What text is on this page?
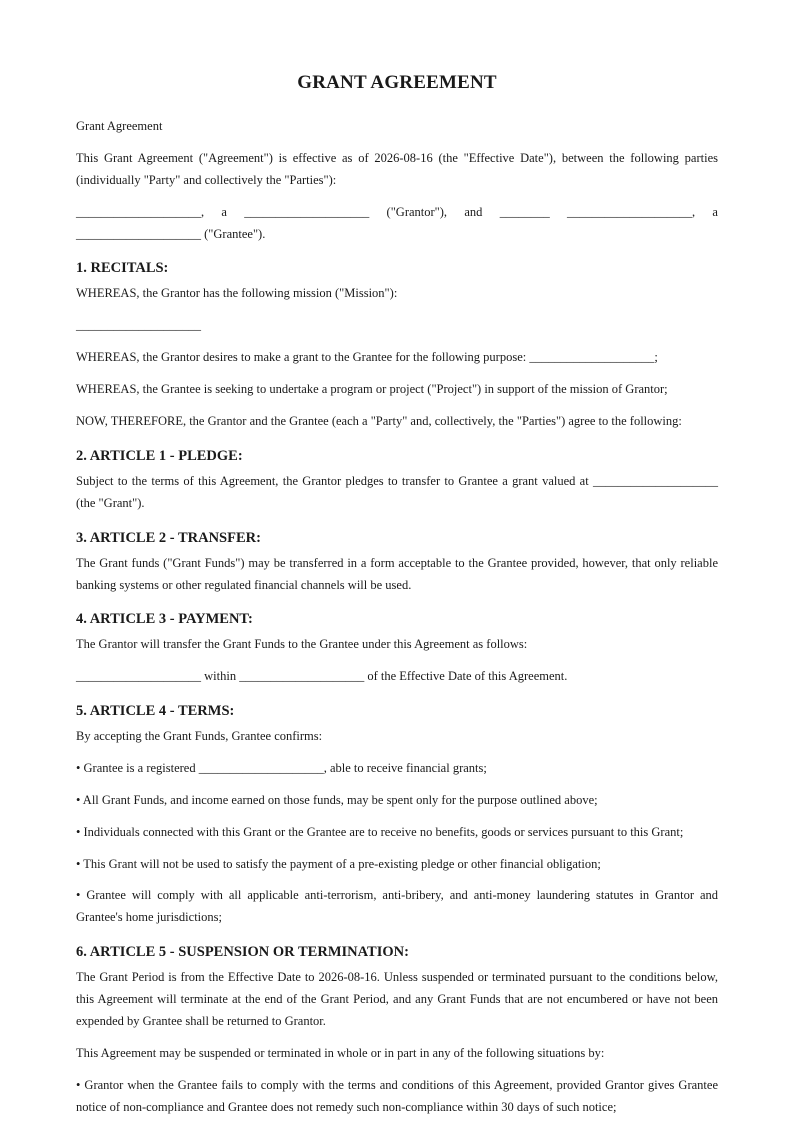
GRANT AGREEMENT

Grant Agreement

This Grant Agreement ("Agreement") is effective as of 2026-08-16 (the "Effective Date"), between the following parties (individually "Party" and collectively the "Parties"):

____________________, a ____________________ ("Grantor"), and ________ ____________________, a

____________________ ("Grantee").

1. RECITALS:

WHEREAS, the Grantor has the following mission ("Mission"):

____________________

WHEREAS, the Grantor desires to make a grant to the Grantee for the following purpose: ____________________;

WHEREAS, the Grantee is seeking to undertake a program or project ("Project") in support of the mission of Grantor;

NOW, THEREFORE, the Grantor and the Grantee (each a "Party" and, collectively, the "Parties") agree to the following:

2. ARTICLE 1 - PLEDGE:

Subject to the terms of this Agreement, the Grantor pledges to transfer to Grantee a grant valued at ____________________ (the "Grant").

3. ARTICLE 2 - TRANSFER:

The Grant funds ("Grant Funds") may be transferred in a form acceptable to the Grantee provided, however, that only reliable banking systems or other regulated financial channels will be used.

4. ARTICLE 3 - PAYMENT:

The Grantor will transfer the Grant Funds to the Grantee under this Agreement as follows:

____________________ within ____________________ of the Effective Date of this Agreement.

5. ARTICLE 4 - TERMS:

By accepting the Grant Funds, Grantee confirms:

• Grantee is a registered ____________________, able to receive financial grants;

• All Grant Funds, and income earned on those funds, may be spent only for the purpose outlined above;

• Individuals connected with this Grant or the Grantee are to receive no benefits, goods or services pursuant to this Grant;

• This Grant will not be used to satisfy the payment of a pre-existing pledge or other financial obligation;

• Grantee will comply with all applicable anti-terrorism, anti-bribery, and anti-money laundering statutes in Grantor and Grantee's home jurisdictions;

6. ARTICLE 5 - SUSPENSION OR TERMINATION:

The Grant Period is from the Effective Date to 2026-08-16. Unless suspended or terminated pursuant to the conditions below, this Agreement will terminate at the end of the Grant Period, and any Grant Funds that are not encumbered or have not been expended by Grantee shall be returned to Grantor.

This Agreement may be suspended or terminated in whole or in part in any of the following situations by:

• Grantor when the Grantee fails to comply with the terms and conditions of this Agreement, provided Grantor gives Grantee notice of non-compliance and Grantee does not remedy such non-compliance within 30 days of such notice;
